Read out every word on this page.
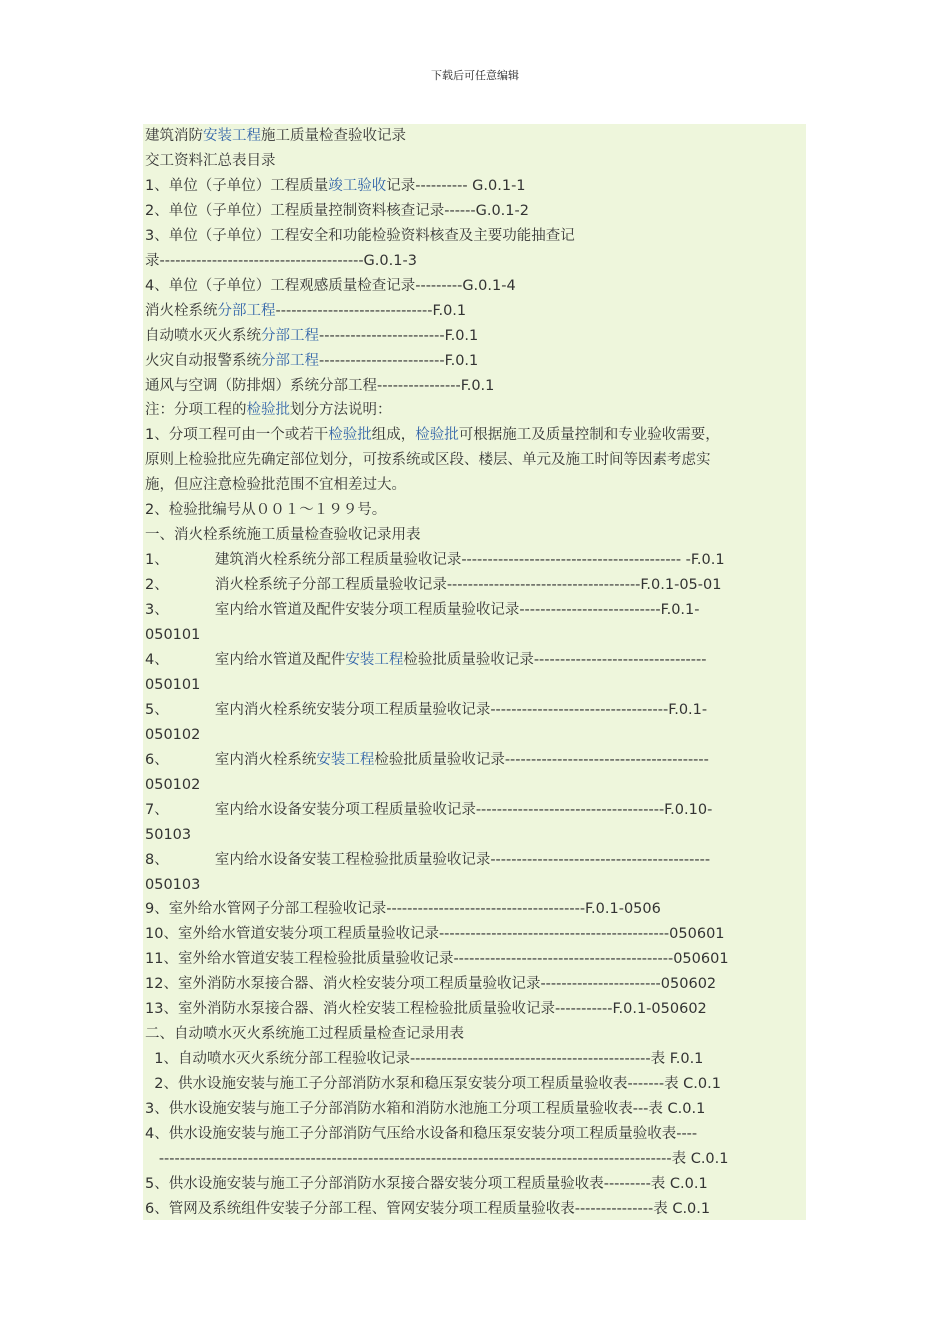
下载后可任意编辑
建筑消防安装工程施工质量检查验收记录
交工资料汇总表目录
1、单位（子单位）工程质量竣工验收记录---------- G.0.1-1
2、单位（子单位）工程质量控制资料核查记录------G.0.1-2
3、单位（子单位）工程安全和功能检验资料核查及主要功能抽查记
录---------------------------------------G.0.1-3
4、单位（子单位）工程观感质量检查记录---------G.0.1-4
消火栓系统分部工程------------------------------F.0.1
自动喷水灭火系统分部工程------------------------F.0.1
火灾自动报警系统分部工程------------------------F.0.1
通风与空调（防排烟）系统分部工程----------------F.0.1
注：分项工程的检验批划分方法说明：
1、分项工程可由一个或若干检验批组成，检验批可根据施工及质量控制和专业验收需要，
原则上检验批应先确定部位划分，可按系统或区段、楼层、单元及施工时间等因素考虑实
施，但应注意检验批范围不宜相差过大。
2、检验批编号从００１～１９９号。
一、消火栓系统施工质量检查验收记录用表
1、          建筑消火栓系统分部工程质量验收记录------------------------------------------ -F.0.1
2、          消火栓系统子分部工程质量验收记录-------------------------------------F.0.1-05-01
3、          室内给水管道及配件安装分项工程质量验收记录---------------------------F.0.1-
050101
4、          室内给水管道及配件安装工程检验批质量验收记录---------------------------------
050101
5、          室内消火栓系统安装分项工程质量验收记录----------------------------------F.0.1-
050102
6、          室内消火栓系统安装工程检验批质量验收记录---------------------------------------
050102
7、          室内给水设备安装分项工程质量验收记录------------------------------------F.0.10-
50103
8、          室内给水设备安装工程检验批质量验收记录------------------------------------------
050103
9、室外给水管网子分部工程验收记录--------------------------------------F.0.1-0506
10、室外给水管道安装分项工程质量验收记录--------------------------------------------050601
11、室外给水管道安装工程检验批质量验收记录------------------------------------------050601
12、室外消防水泵接合器、消火栓安装分项工程质量验收记录-----------------------050602
13、室外消防水泵接合器、消火栓安装工程检验批质量验收记录-----------F.0.1-050602
二、自动喷水灭火系统施工过程质量检查记录用表
1、自动喷水灭火系统分部工程验收记录----------------------------------------------表 F.0.1
2、供水设施安装与施工子分部消防水泵和稳压泵安装分项工程质量验收表-------表 C.0.1
3、供水设施安装与施工子分部消防水箱和消防水池施工分项工程质量验收表---表 C.0.1
4、供水设施安装与施工子分部消防气压给水设备和稳压泵安装分项工程质量验收表----
--------------------------------------------------------------------------------------------------表 C.0.1
5、供水设施安装与施工子分部消防水泵接合器安装分项工程质量验收表---------表 C.0.1
6、管网及系统组件安装子分部工程、管网安装分项工程质量验收表---------------表 C.0.1
